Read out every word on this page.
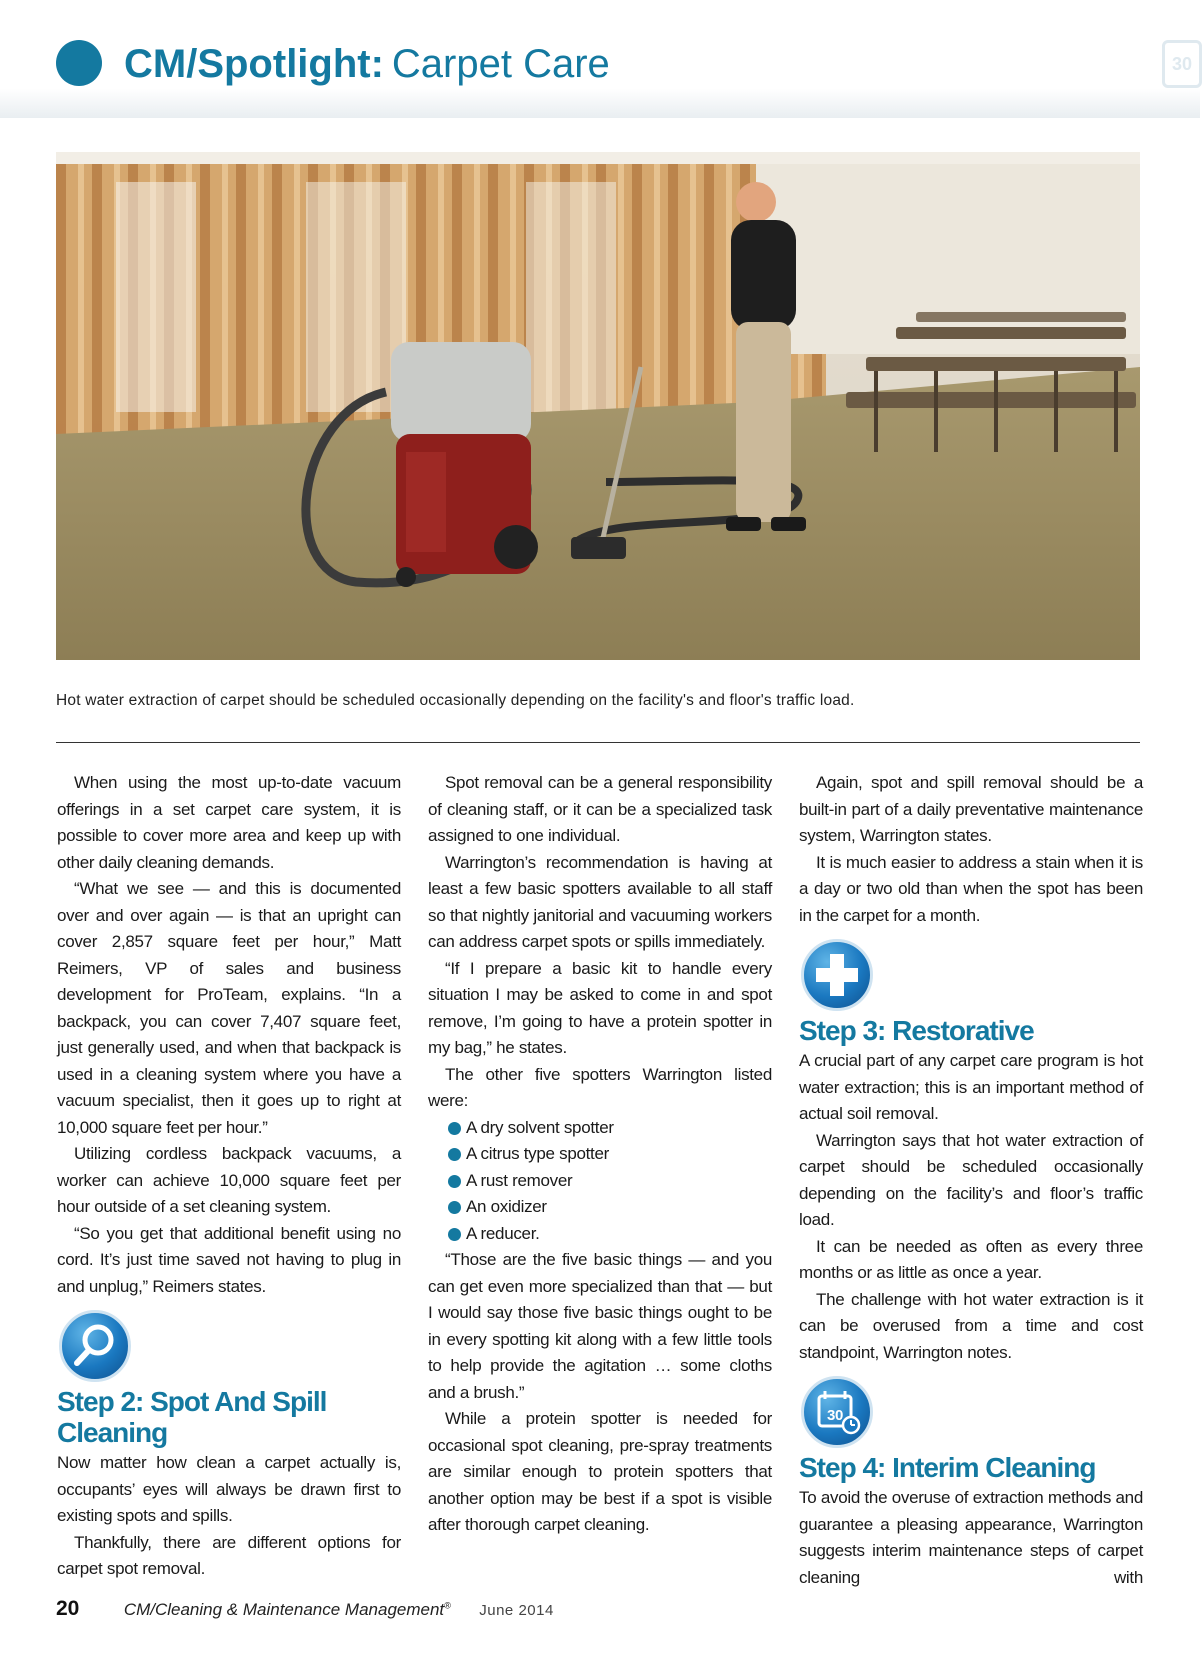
CM/Spotlight: Carpet Care	30
Image courtesy of CFR
Hot water extraction of carpet should be scheduled occasionally depending on the facility's and floor's traffic load.

When using the most up-to-date vacuum offerings in a set carpet care system, it is possible to cover more area and keep up with other daily cleaning demands.

“What we see — and this is documented over and over again — is that an upright can cover 2,857 square feet per hour,” Matt Reimers, VP of sales and business development for ProTeam, explains. “In a backpack, you can cover 7,407 square feet, just generally used, and when that backpack is used in a cleaning system where you have a vacuum specialist, then it goes up to right at 10,000 square feet per hour.”

Utilizing cordless backpack vacuums, a worker can achieve 10,000 square feet per hour outside of a set cleaning system.

“So you get that additional benefit using no cord. It’s just time saved not having to plug in and unplug,” Reimers states.

Step 2: Spot And Spill Cleaning

Now matter how clean a carpet actually is, occupants’ eyes will always be drawn first to existing spots and spills.

Thankfully, there are different options for carpet spot removal.

Spot removal can be a general responsibility of cleaning staff, or it can be a specialized task assigned to one individual.

Warrington’s recommendation is having at least a few basic spotters available to all staff so that nightly janitorial and vacuuming workers can address carpet spots or spills immediately.

“If I prepare a basic kit to handle every situation I may be asked to come in and spot remove, I’m going to have a protein spotter in my bag,” he states.

The other five spotters Warrington listed were:

A dry solvent spotter
A citrus type spotter
A rust remover
An oxidizer
A reducer.

“Those are the five basic things — and you can get even more specialized than that — but I would say those five basic things ought to be in every spotting kit along with a few little tools to help provide the agitation … some cloths and a brush.”

While a protein spotter is needed for occasional spot cleaning, pre-spray treatments are similar enough to protein spotters that another option may be best if a spot is visible after thorough carpet cleaning.

Again, spot and spill removal should be a built-in part of a daily preventative maintenance system, Warrington states.

It is much easier to address a stain when it is a day or two old than when the spot has been in the carpet for a month.

Step 3: Restorative

A crucial part of any carpet care program is hot water extraction; this is an important method of actual soil removal.

Warrington says that hot water extraction of carpet should be scheduled occasionally depending on the facility’s and floor’s traffic load.

It can be needed as often as every three months or as little as once a year.

The challenge with hot water extraction is it can be overused from a time and cost standpoint, Warrington notes.

30
Step 4: Interim Cleaning

To avoid the overuse of extraction methods and guarantee a pleasing appearance, Warrington suggests interim maintenance steps of carpet cleaning with

20	CM/Cleaning & Maintenance Management® June 2014
